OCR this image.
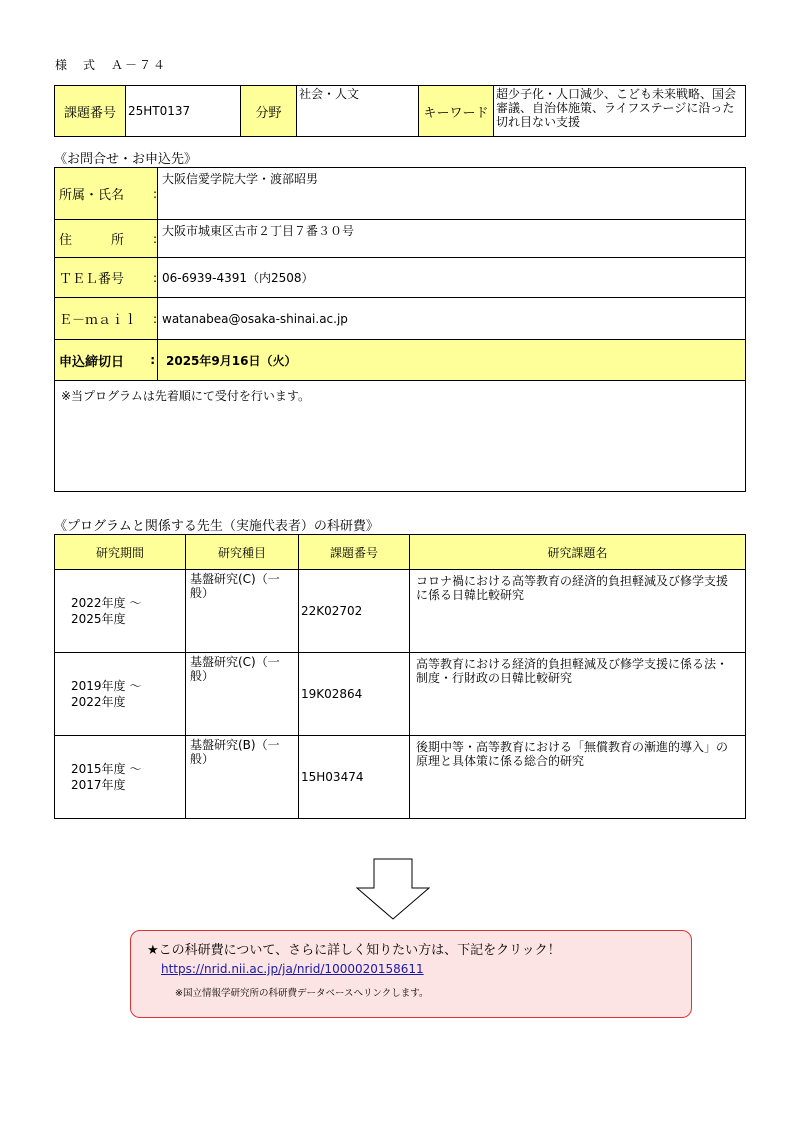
様　式　Ａ－７４
課題番号	25HT0137	分野	社会・人文	キーワード	超少子化・人口減少、こども未来戦略、国会審議、自治体施策、ライフステージに沿った切れ目ない支援
《お問合せ・お申込先》
所属・氏名 :	大阪信愛学院大学・渡部昭男
住　　　所 :	大阪市城東区古市２丁目７番３０号
ＴＥＬ番号 :	06-6939-4391（内2508）
Ｅ－ｍａｉｌ :	watanabea@osaka-shinai.ac.jp
申込締切日 :	2025年9月16日（火）
※当プログラムは先着順にて受付を行います。	
《プログラムと関係する先生（実施代表者）の科研費》
研究期間	研究種目	課題番号	研究課題名

2022年度 ～
2025年度	基盤研究(C)（一般）	22K02702	コロナ禍における高等教育の経済的負担軽減及び修学支援に係る日韓比較研究

2019年度 ～
2022年度	基盤研究(C)（一般）	19K02864	高等教育における経済的負担軽減及び修学支援に係る法・制度・行財政の日韓比較研究

2015年度 ～
2017年度	基盤研究(B)（一般）	15H03474	後期中等・高等教育における「無償教育の漸進的導入」の原理と具体策に係る総合的研究
★この科研費について、さらに詳しく知りたい方は、下記をクリック！
https://nrid.nii.ac.jp/ja/nrid/1000020158611
※国立情報学研究所の科研費データベースへリンクします。
